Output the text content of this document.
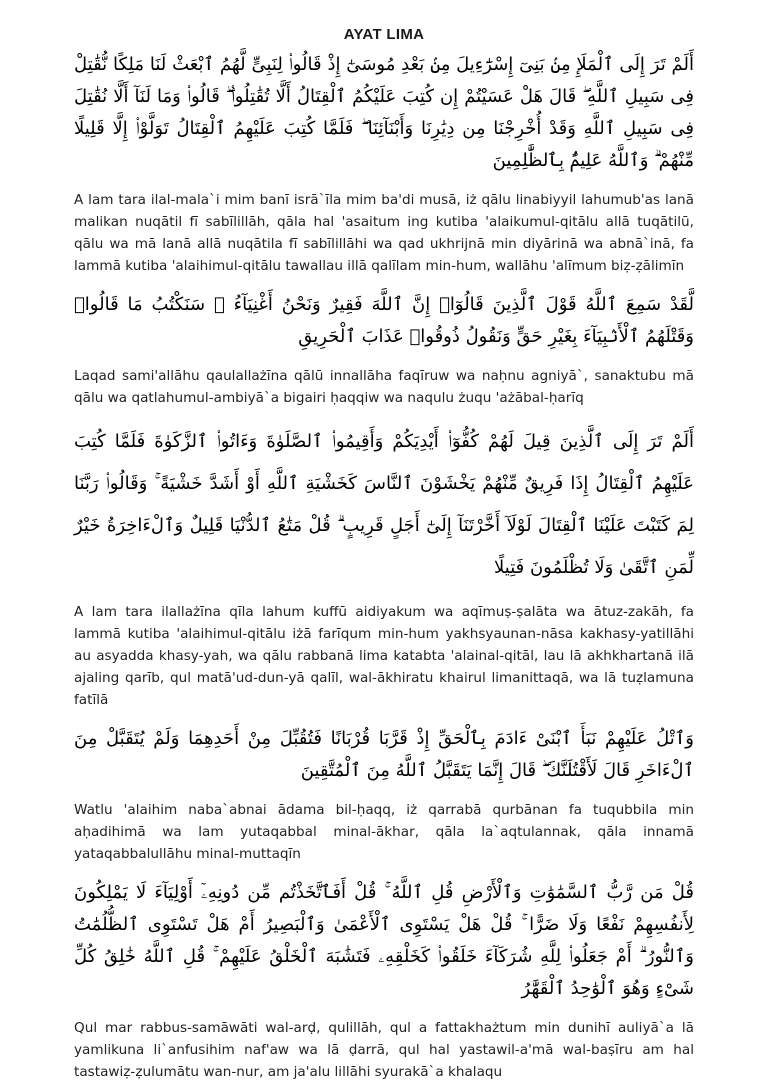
AYAT LIMA
أَلَمْ تَرَ إِلَى ٱلْمَلَإِ مِنۢ بَنِىٓ إِسْرَٰٓءِيلَ مِنۢ بَعْدِ مُوسَىٰٓ إِذْ قَالُوا۟ لِنَبِىٍّ لَّهُمُ ٱبْعَثْ لَنَا مَلِكًا نُّقَٰتِلْ فِى سَبِيلِ ٱللَّهِ ۖ قَالَ هَلْ عَسَيْتُمْ إِن كُتِبَ عَلَيْكُمُ ٱلْقِتَالُ أَلَّا تُقَٰتِلُوا۟ ۖ قَالُوا۟ وَمَا لَنَآ أَلَّا نُقَٰتِلَ فِى سَبِيلِ ٱللَّهِ وَقَدْ أُخْرِجْنَا مِن دِيَٰرِنَا وَأَبْنَآئِنَا ۖ فَلَمَّا كُتِبَ عَلَيْهِمُ ٱلْقِتَالُ تَوَلَّوْا۟ إِلَّا قَلِيلًا مِّنْهُمْ ۗ وَٱللَّهُ عَلِيمٌۢ بِٱلظَّٰلِمِينَ
A lam tara ilal-mala`i mim banī isrā`īla mim ba'di musā, iż qālu linabiyyil lahumub'as lanā malikan nuqātil fī sabīlillāh, qāla hal 'asaitum ing kutiba 'alaikumul-qitālu allā tuqātilū, qālu wa mā lanā allā nuqātila fī sabīlillāhi wa qad ukhrijnā min diyārinā wa abnā`inā, fa lammā kutiba 'alaihimul-qitālu tawallau illā qalīlam min-hum, wallāhu 'alīmum biẓ-ẓālimīn
لَّقَدْ سَمِعَ ٱللَّهُ قَوْلَ ٱلَّذِينَ قَالُوٓا۟ إِنَّ ٱللَّهَ فَقِيرٌ وَنَحْنُ أَغْنِيَآءُ ۘ سَنَكْتُبُ مَا قَالُوا۟ وَقَتْلَهُمُ ٱلْأَنۢبِيَآءَ بِغَيْرِ حَقٍّ وَنَقُولُ ذُوقُوا۟ عَذَابَ ٱلْحَرِيقِ
Laqad sami'allāhu qaulallażīna qālū innallāha faqīruw wa naḥnu agniyā`, sanaktubu mā qālu wa qatlahumul-ambiyā`a bigairi ḥaqqiw wa naqulu żuqu 'ażābal-ḥarīq
أَلَمْ تَرَ إِلَى ٱلَّذِينَ قِيلَ لَهُمْ كُفُّوٓا۟ أَيْدِيَكُمْ وَأَقِيمُوا۟ ٱلصَّلَوٰةَ وَءَاتُوا۟ ٱلزَّكَوٰةَ فَلَمَّا كُتِبَ عَلَيْهِمُ ٱلْقِتَالُ إِذَا فَرِيقٌ مِّنْهُمْ يَخْشَوْنَ ٱلنَّاسَ كَخَشْيَةِ ٱللَّهِ أَوْ أَشَدَّ خَشْيَةً ۚ وَقَالُوا۟ رَبَّنَا لِمَ كَتَبْتَ عَلَيْنَا ٱلْقِتَالَ لَوْلَآ أَخَّرْتَنَآ إِلَىٰٓ أَجَلٍ قَرِيبٍ ۗ قُلْ مَتَٰعُ ٱلدُّنْيَا قَلِيلٌ وَٱلْءَاخِرَةُ خَيْرٌ لِّمَنِ ٱتَّقَىٰ وَلَا تُظْلَمُونَ فَتِيلًا
A lam tara ilallażīna qīla lahum kuffū aidiyakum wa aqīmuṣ-ṣalāta wa ātuz-zakāh, fa lammā kutiba 'alaihimul-qitālu iżā farīqum min-hum yakhsyaunan-nāsa kakhasy-yatillāhi au asyadda khasy-yah, wa qālu rabbanā lima katabta 'alainal-qitāl, lau lā akhkhartanā ilā ajaling qarīb, qul matā'ud-dun-yā qalīl, wal-ākhiratu khairul limanittaqā, wa lā tuẓlamuna fatīlā
وَٱتْلُ عَلَيْهِمْ نَبَأَ ٱبْنَىْ ءَادَمَ بِٱلْحَقِّ إِذْ قَرَّبَا قُرْبَانًا فَتُقُبِّلَ مِنْ أَحَدِهِمَا وَلَمْ يُتَقَبَّلْ مِنَ ٱلْءَاخَرِ قَالَ لَأَقْتُلَنَّكَ ۖ قَالَ إِنَّمَا يَتَقَبَّلُ ٱللَّهُ مِنَ ٱلْمُتَّقِينَ
Watlu 'alaihim naba`abnai ādama bil-ḥaqq, iż qarrabā qurbānan fa tuqubbila min aḥadihimā wa lam yutaqabbal minal-ākhar, qāla la`aqtulannak, qāla innamā yataqabbalullāhu minal-muttaqīn
قُلْ مَن رَّبُّ ٱلسَّمَٰوَٰتِ وَٱلْأَرْضِ قُلِ ٱللَّهُ ۚ قُلْ أَفَٱتَّخَذْتُم مِّن دُونِهِۦٓ أَوْلِيَآءَ لَا يَمْلِكُونَ لِأَنفُسِهِمْ نَفْعًا وَلَا ضَرًّا ۚ قُلْ هَلْ يَسْتَوِى ٱلْأَعْمَىٰ وَٱلْبَصِيرُ أَمْ هَلْ تَسْتَوِى ٱلظُّلُمَٰتُ وَٱلنُّورُ ۗ أَمْ جَعَلُوا۟ لِلَّهِ شُرَكَآءَ خَلَقُوا۟ كَخَلْقِهِۦ فَتَشَٰبَهَ ٱلْخَلْقُ عَلَيْهِمْ ۚ قُلِ ٱللَّهُ خَٰلِقُ كُلِّ شَىْءٍ وَهُوَ ٱلْوَٰحِدُ ٱلْقَهَّٰرُ
Qul mar rabbus-samāwāti wal-arḍ, qulillāh, qul a fattakhażtum min dunihī auliyā`a lā yamlikuna li`anfusihim naf'aw wa lā ḍarrā, qul hal yastawil-a'mā wal-baṣīru am hal tastawiẓ-ẓulumātu wan-nur, am ja'alu lillāhi syurakā`a khalaqu
